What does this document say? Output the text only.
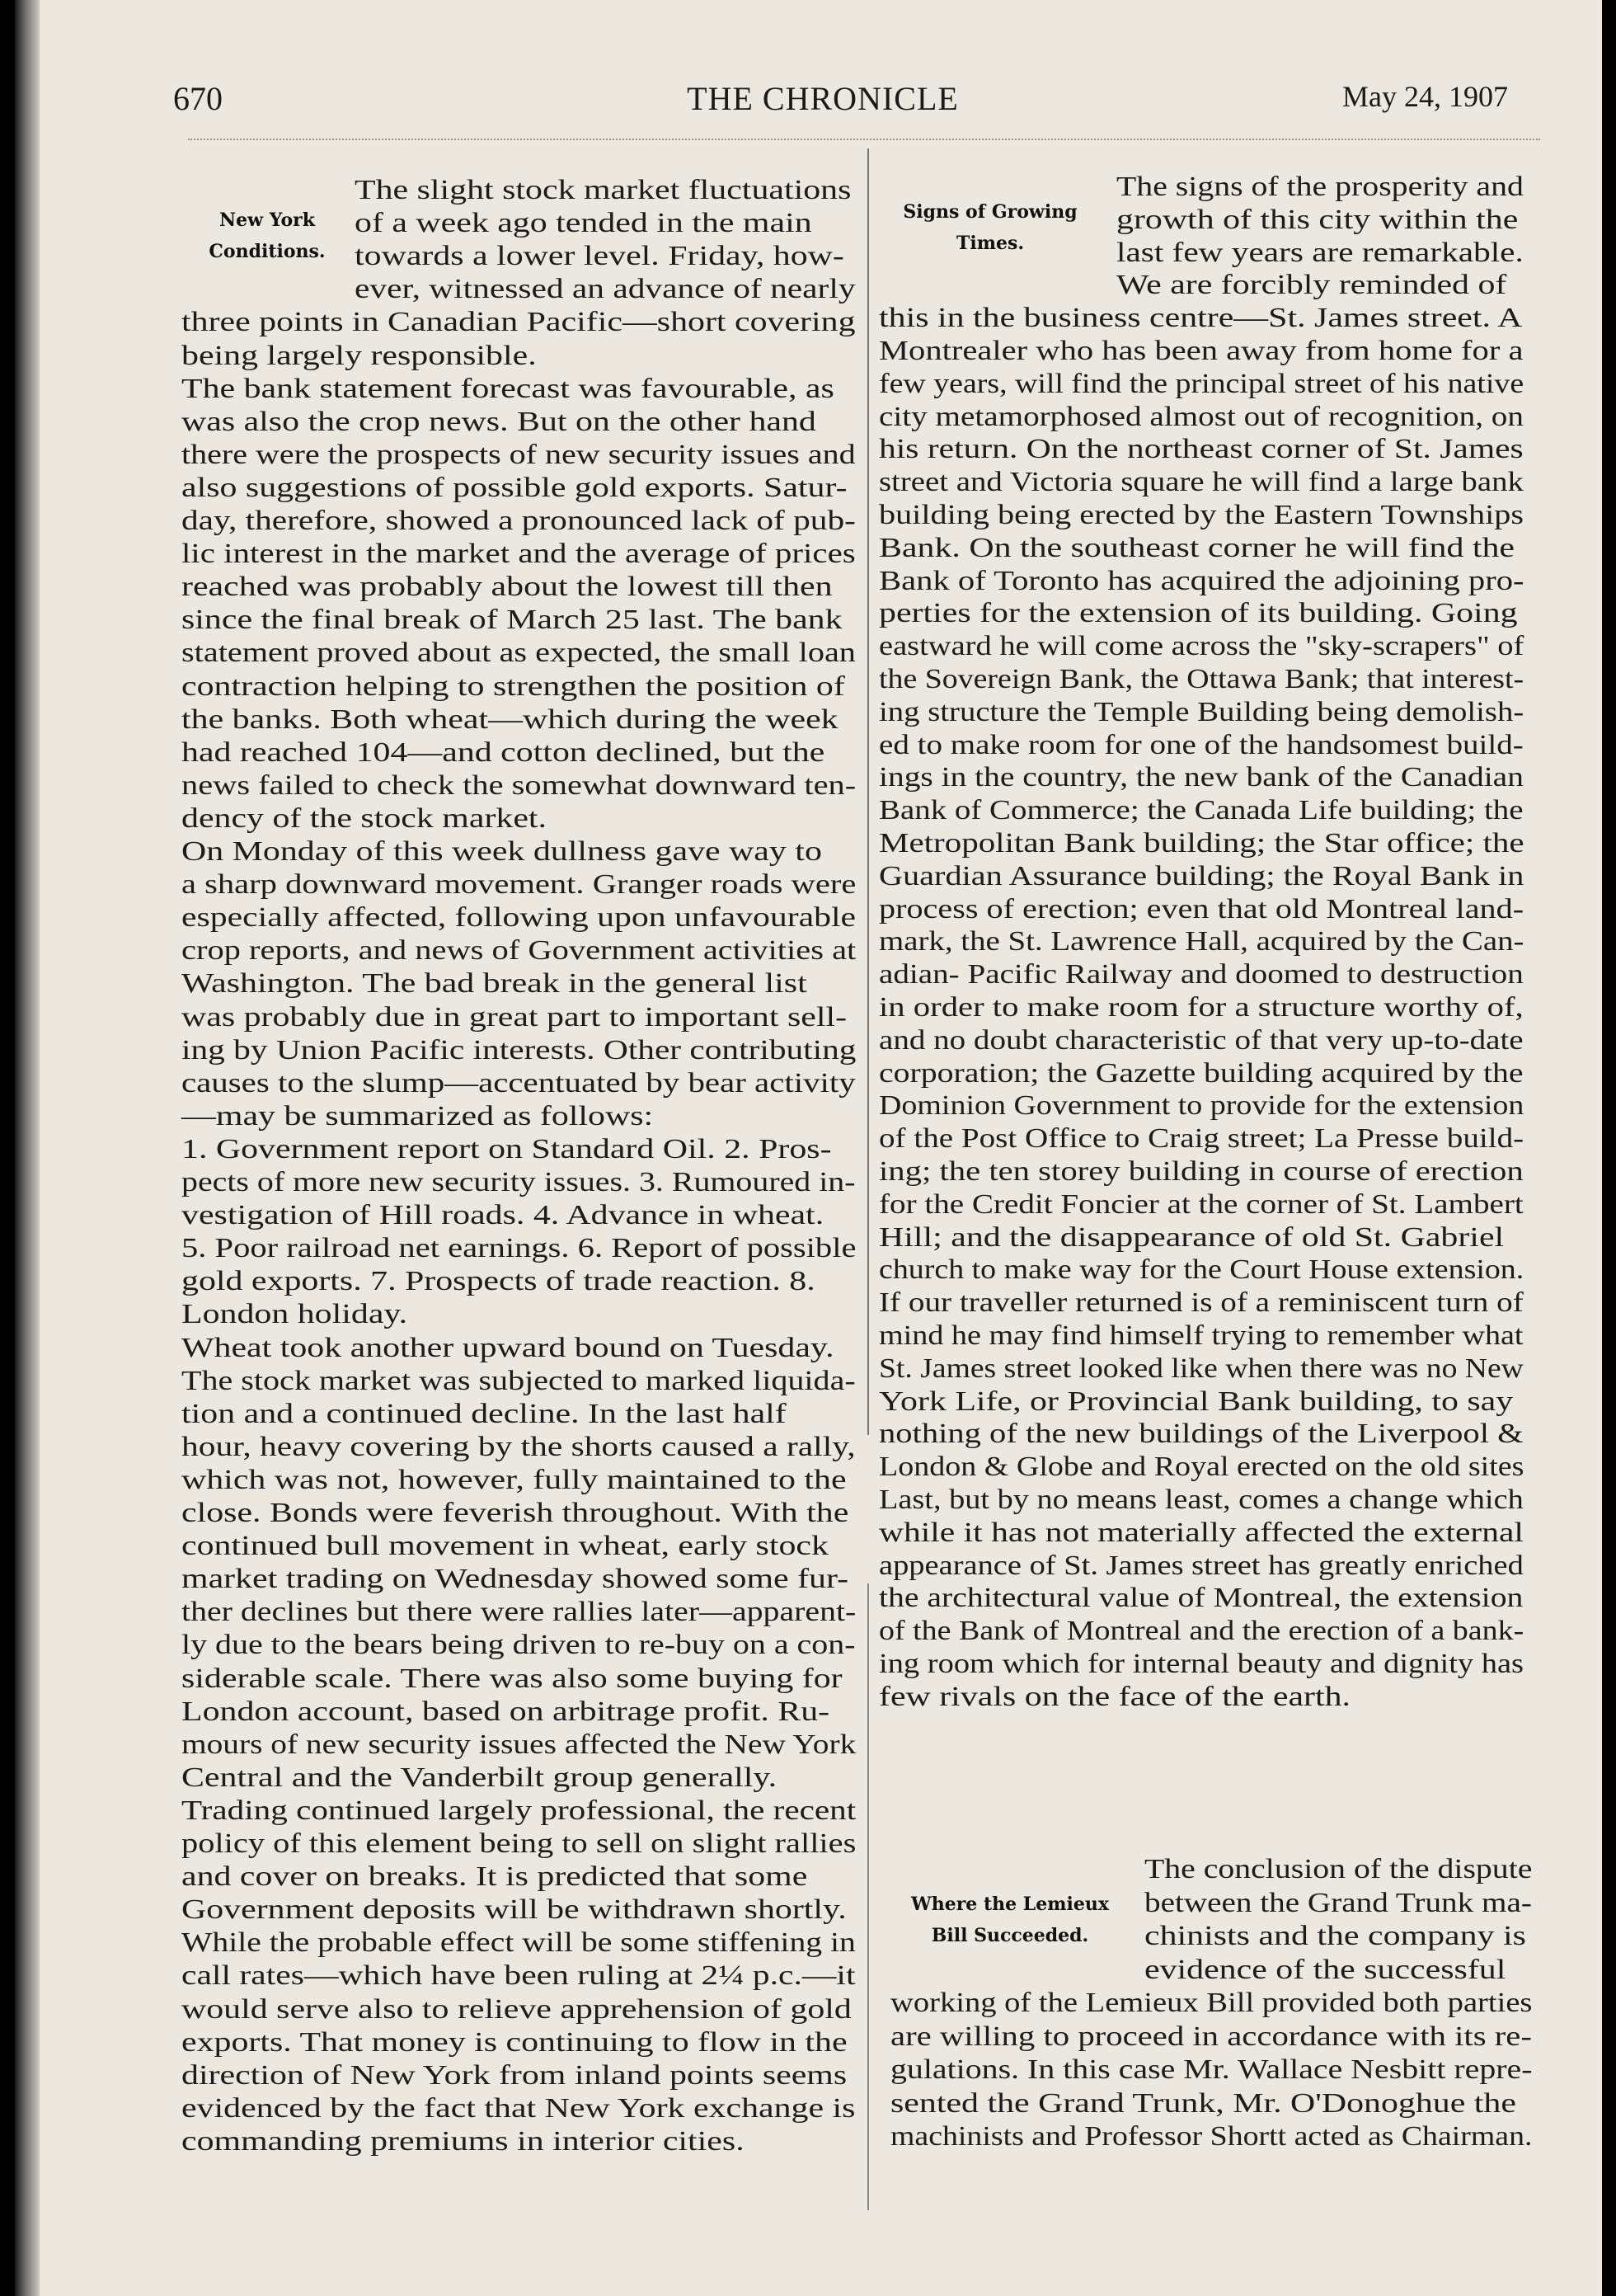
670	THE CHRONICLE	May 24, 1907
New York
Conditions.
Signs of Growing
Times.
Where the Lemieux
Bill Succeeded.
The slight stock market fluctuations
of a week ago tended in the main
towards a lower level. Friday, how-
ever, witnessed an advance of nearly
three points in Canadian Pacific—short covering
being largely responsible.
The bank statement forecast was favourable, as
was also the crop news. But on the other hand
there were the prospects of new security issues and
also suggestions of possible gold exports. Satur-
day, therefore, showed a pronounced lack of pub-
lic interest in the market and the average of prices
reached was probably about the lowest till then
since the final break of March 25 last. The bank
statement proved about as expected, the small loan
contraction helping to strengthen the position of
the banks. Both wheat—which during the week
had reached 104—and cotton declined, but the
news failed to check the somewhat downward ten-
dency of the stock market.
On Monday of this week dullness gave way to
a sharp downward movement. Granger roads were
especially affected, following upon unfavourable
crop reports, and news of Government activities at
Washington. The bad break in the general list
was probably due in great part to important sell-
ing by Union Pacific interests. Other contributing
causes to the slump—accentuated by bear activity
—may be summarized as follows:
1. Government report on Standard Oil. 2. Pros-
pects of more new security issues. 3. Rumoured in-
vestigation of Hill roads. 4. Advance in wheat.
5. Poor railroad net earnings. 6. Report of possible
gold exports. 7. Prospects of trade reaction. 8.
London holiday.
Wheat took another upward bound on Tuesday.
The stock market was subjected to marked liquida-
tion and a continued decline. In the last half
hour, heavy covering by the shorts caused a rally,
which was not, however, fully maintained to the
close. Bonds were feverish throughout. With the
continued bull movement in wheat, early stock
market trading on Wednesday showed some fur-
ther declines but there were rallies later—apparent-
ly due to the bears being driven to re-buy on a con-
siderable scale. There was also some buying for
London account, based on arbitrage profit. Ru-
mours of new security issues affected the New York
Central and the Vanderbilt group generally.
Trading continued largely professional, the recent
policy of this element being to sell on slight rallies
and cover on breaks. It is predicted that some
Government deposits will be withdrawn shortly.
While the probable effect will be some stiffening in
call rates—which have been ruling at 2¼ p.c.—it
would serve also to relieve apprehension of gold
exports. That money is continuing to flow in the
direction of New York from inland points seems
evidenced by the fact that New York exchange is
commanding premiums in interior cities.
The signs of the prosperity and
growth of this city within the
last few years are remarkable.
We are forcibly reminded of
this in the business centre—St. James street. A
Montrealer who has been away from home for a
few years, will find the principal street of his native
city metamorphosed almost out of recognition, on
his return. On the northeast corner of St. James
street and Victoria square he will find a large bank
building being erected by the Eastern Townships
Bank. On the southeast corner he will find the
Bank of Toronto has acquired the adjoining pro-
perties for the extension of its building. Going
eastward he will come across the "sky-scrapers" of
the Sovereign Bank, the Ottawa Bank; that interest-
ing structure the Temple Building being demolish-
ed to make room for one of the handsomest build-
ings in the country, the new bank of the Canadian
Bank of Commerce; the Canada Life building; the
Metropolitan Bank building; the Star office; the
Guardian Assurance building; the Royal Bank in
process of erection; even that old Montreal land-
mark, the St. Lawrence Hall, acquired by the Can-
adian- Pacific Railway and doomed to destruction
in order to make room for a structure worthy of,
and no doubt characteristic of that very up-to-date
corporation; the Gazette building acquired by the
Dominion Government to provide for the extension
of the Post Office to Craig street; La Presse build-
ing; the ten storey building in course of erection
for the Credit Foncier at the corner of St. Lambert
Hill; and the disappearance of old St. Gabriel
church to make way for the Court House extension.
If our traveller returned is of a reminiscent turn of
mind he may find himself trying to remember what
St. James street looked like when there was no New
York Life, or Provincial Bank building, to say
nothing of the new buildings of the Liverpool &
London & Globe and Royal erected on the old sites
Last, but by no means least, comes a change which
while it has not materially affected the external
appearance of St. James street has greatly enriched
the architectural value of Montreal, the extension
of the Bank of Montreal and the erection of a bank-
ing room which for internal beauty and dignity has
few rivals on the face of the earth.
The conclusion of the dispute
between the Grand Trunk ma-
chinists and the company is
evidence of the successful
working of the Lemieux Bill provided both parties
are willing to proceed in accordance with its re-
gulations. In this case Mr. Wallace Nesbitt repre-
sented the Grand Trunk, Mr. O'Donoghue the
machinists and Professor Shortt acted as Chairman.
